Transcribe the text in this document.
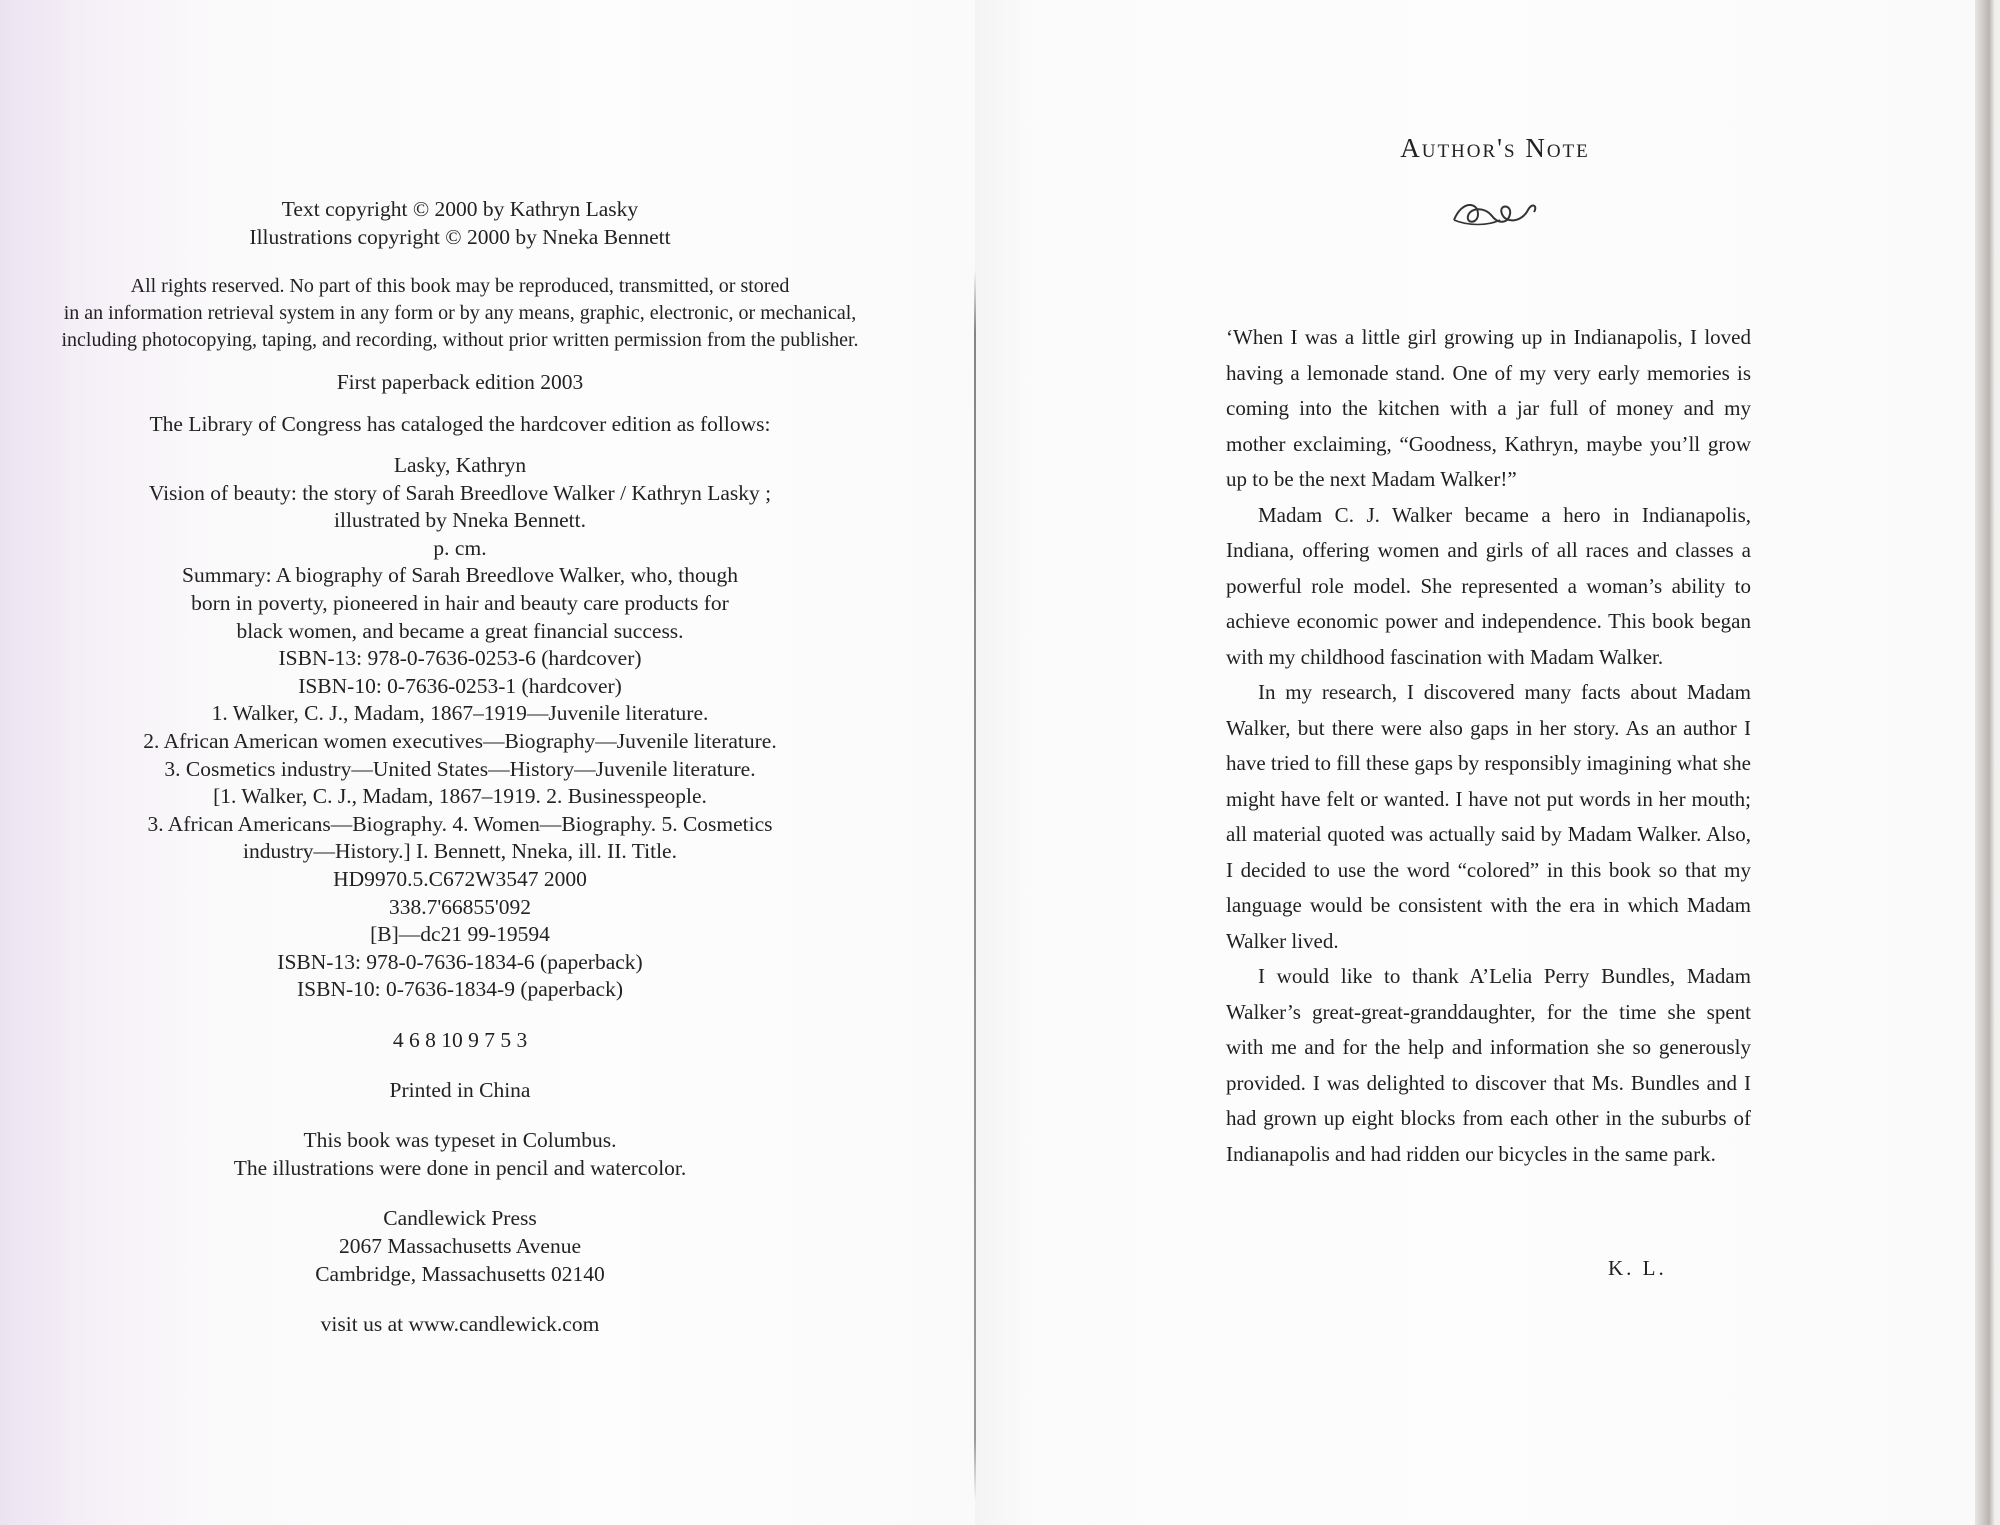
Text copyright © 2000 by Kathryn Lasky
Illustrations copyright © 2000 by Nneka Bennett
All rights reserved. No part of this book may be reproduced, transmitted, or stored
in an information retrieval system in any form or by any means, graphic, electronic, or mechanical,
including photocopying, taping, and recording, without prior written permission from the publisher.
First paperback edition 2003
The Library of Congress has cataloged the hardcover edition as follows:
Lasky, Kathryn
Vision of beauty: the story of Sarah Breedlove Walker / Kathryn Lasky ;
illustrated by Nneka Bennett.
p. cm.
Summary: A biography of Sarah Breedlove Walker, who, though
born in poverty, pioneered in hair and beauty care products for
black women, and became a great financial success.
ISBN-13: 978-0-7636-0253-6 (hardcover)
ISBN-10: 0-7636-0253-1 (hardcover)
1. Walker, C. J., Madam, 1867–1919—Juvenile literature.
2. African American women executives—Biography—Juvenile literature.
3. Cosmetics industry—United States—History—Juvenile literature.
[1. Walker, C. J., Madam, 1867–1919. 2. Businesspeople.
3. African Americans—Biography. 4. Women—Biography. 5. Cosmetics
industry—History.] I. Bennett, Nneka, ill. II. Title.
HD9970.5.C672W3547 2000
338.7'66855'092
[B]—dc21 99-19594
ISBN-13: 978-0-7636-1834-6 (paperback)
ISBN-10: 0-7636-1834-9 (paperback)
4 6 8 10 9 7 5 3
Printed in China
This book was typeset in Columbus.
The illustrations were done in pencil and watercolor.
Candlewick Press
2067 Massachusetts Avenue
Cambridge, Massachusetts 02140
visit us at www.candlewick.com
Author's Note

‘When I was a little girl growing up in Indianapolis, I loved having a lemonade stand. One of my very early memories is coming into the kitchen with a jar full of money and my mother exclaiming, “Goodness, Kathryn, maybe you’ll grow up to be the next Madam Walker!”

Madam C. J. Walker became a hero in Indianapolis, Indiana, offering women and girls of all races and classes a powerful role model. She represented a woman’s ability to achieve economic power and independence. This book began with my childhood fascination with Madam Walker.

In my research, I discovered many facts about Madam Walker, but there were also gaps in her story. As an author I have tried to fill these gaps by responsibly imagining what she might have felt or wanted. I have not put words in her mouth; all material quoted was actually said by Madam Walker. Also, I decided to use the word “colored” in this book so that my language would be consistent with the era in which Madam Walker lived.

I would like to thank A’Lelia Perry Bundles, Madam Walker’s great-great-granddaughter, for the time she spent with me and for the help and information she so generously provided. I was delighted to discover that Ms. Bundles and I had grown up eight blocks from each other in the suburbs of Indianapolis and had ridden our bicycles in the same park.

K. L.
